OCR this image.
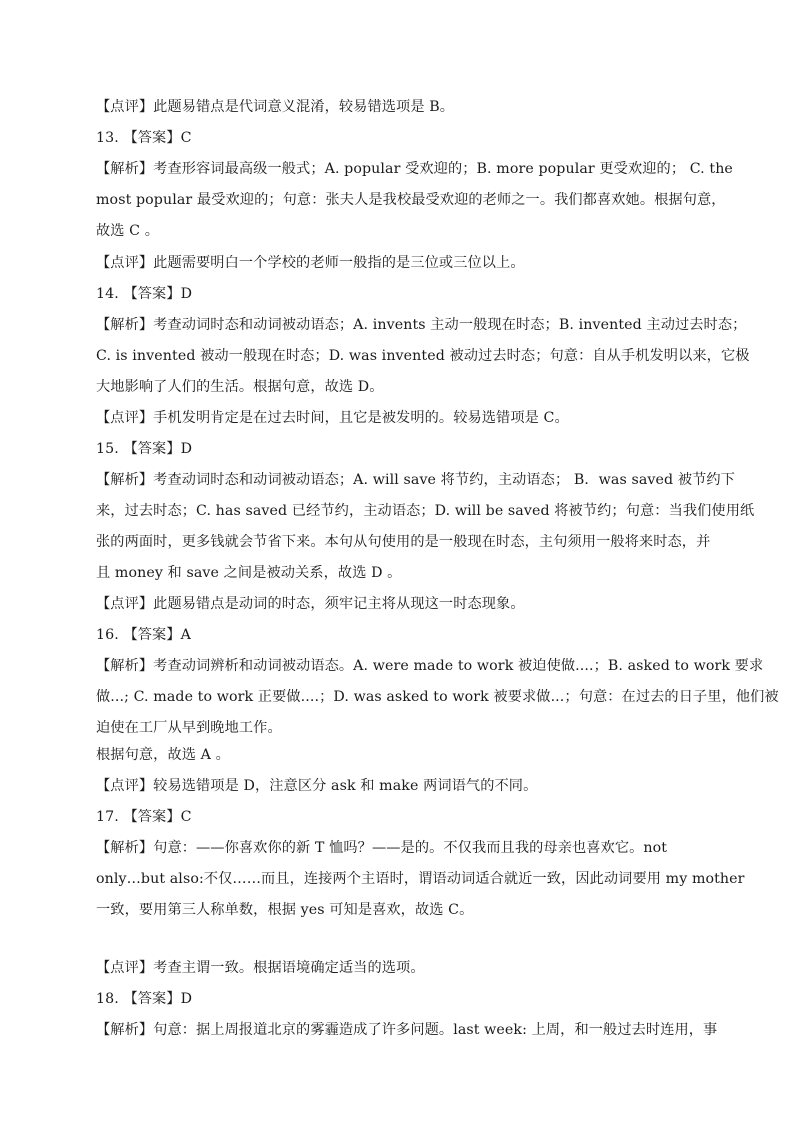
【点评】此题易错点是代词意义混淆，较易错选项是 B。
13. 【答案】C
【解析】考查形容词最高级一般式；A. popular 受欢迎的；B. more popular 更受欢迎的； C. the
most popular 最受欢迎的；句意：张夫人是我校最受欢迎的老师之一。我们都喜欢她。根据句意，
故选 C 。
【点评】此题需要明白一个学校的老师一般指的是三位或三位以上。
14. 【答案】D
【解析】考查动词时态和动词被动语态；A. invents 主动一般现在时态；B. invented 主动过去时态；
C. is invented 被动一般现在时态；D. was invented 被动过去时态；句意：自从手机发明以来，它极
大地影响了人们的生活。根据句意，故选 D。
【点评】手机发明肯定是在过去时间，且它是被发明的。较易选错项是 C。
15. 【答案】D
【解析】考查动词时态和动词被动语态；A. will save 将节约，主动语态； B．was saved 被节约下
来，过去时态；C. has saved 已经节约，主动语态；D. will be saved 将被节约；句意：当我们使用纸
张的两面时，更多钱就会节省下来。本句从句使用的是一般现在时态，主句须用一般将来时态，并
且 money 和 save 之间是被动关系，故选 D 。
【点评】此题易错点是动词的时态，须牢记主将从现这一时态现象。
16. 【答案】A
【解析】考查动词辨析和动词被动语态。A. were made to work 被迫使做....；B. asked to work 要求
做...; C. made to work 正要做....；D. was asked to work 被要求做...；句意：在过去的日子里，他们被
迫使在工厂从早到晚地工作。
根据句意，故选 A 。
【点评】较易选错项是 D，注意区分 ask 和 make 两词语气的不同。
17. 【答案】C
【解析】句意：——你喜欢你的新 T 恤吗？——是的。不仅我而且我的母亲也喜欢它。not
only…but also:不仅……而且，连接两个主语时，谓语动词适合就近一致，因此动词要用 my mother
一致，要用第三人称单数，根据 yes 可知是喜欢，故选 C。
【点评】考查主谓一致。根据语境确定适当的选项。
18. 【答案】D
【解析】句意：据上周报道北京的雾霾造成了许多问题。last week: 上周，和一般过去时连用，事
